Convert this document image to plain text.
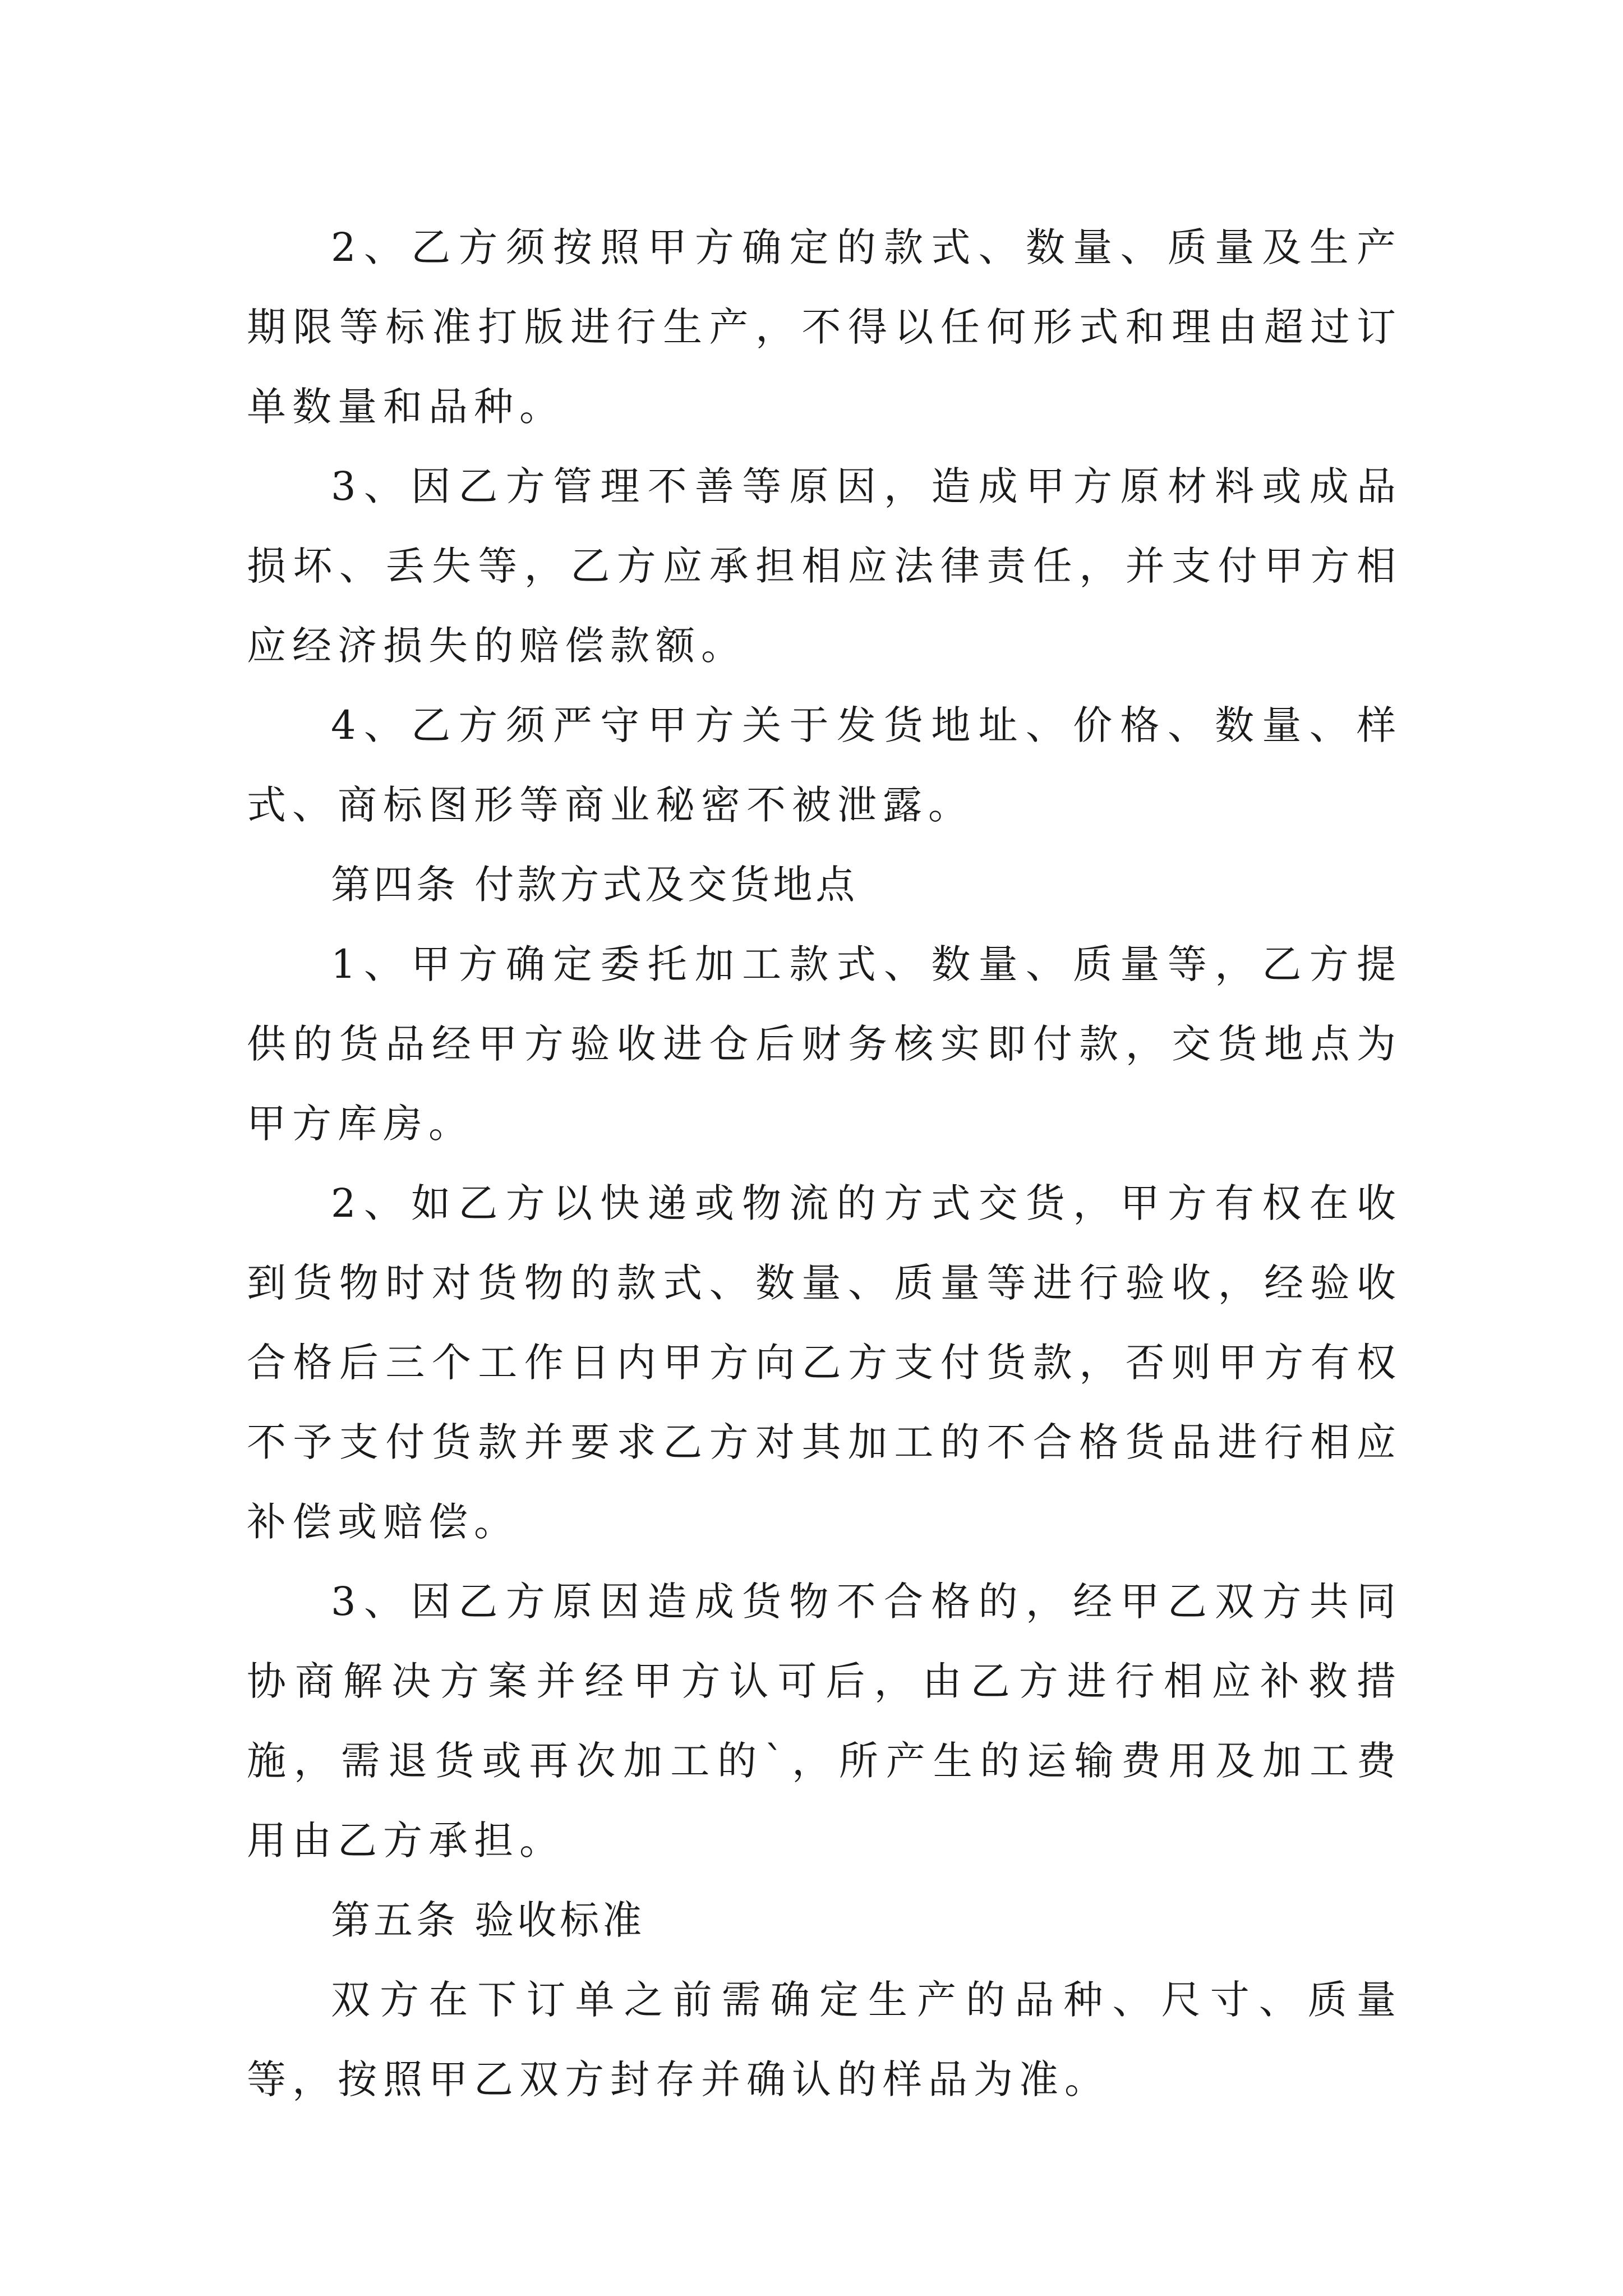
2、乙方须按照甲方确定的款式、数量、质量及生产期限等标准打版进行生产，不得以任何形式和理由超过订单数量和品种。

3、因乙方管理不善等原因，造成甲方原材料或成品损坏、丢失等，乙方应承担相应法律责任，并支付甲方相应经济损失的赔偿款额。

4、乙方须严守甲方关于发货地址、价格、数量、样式、商标图形等商业秘密不被泄露。

第四条 付款方式及交货地点

1、甲方确定委托加工款式、数量、质量等，乙方提供的货品经甲方验收进仓后财务核实即付款，交货地点为甲方库房。

2、如乙方以快递或物流的方式交货，甲方有权在收到货物时对货物的款式、数量、质量等进行验收，经验收合格后三个工作日内甲方向乙方支付货款，否则甲方有权不予支付货款并要求乙方对其加工的不合格货品进行相应补偿或赔偿。

3、因乙方原因造成货物不合格的，经甲乙双方共同协商解决方案并经甲方认可后，由乙方进行相应补救措施，需退货或再次加工的`，所产生的运输费用及加工费用由乙方承担。

第五条 验收标准

双方在下订单之前需确定生产的品种、尺寸、质量等，按照甲乙双方封存并确认的样品为准。
